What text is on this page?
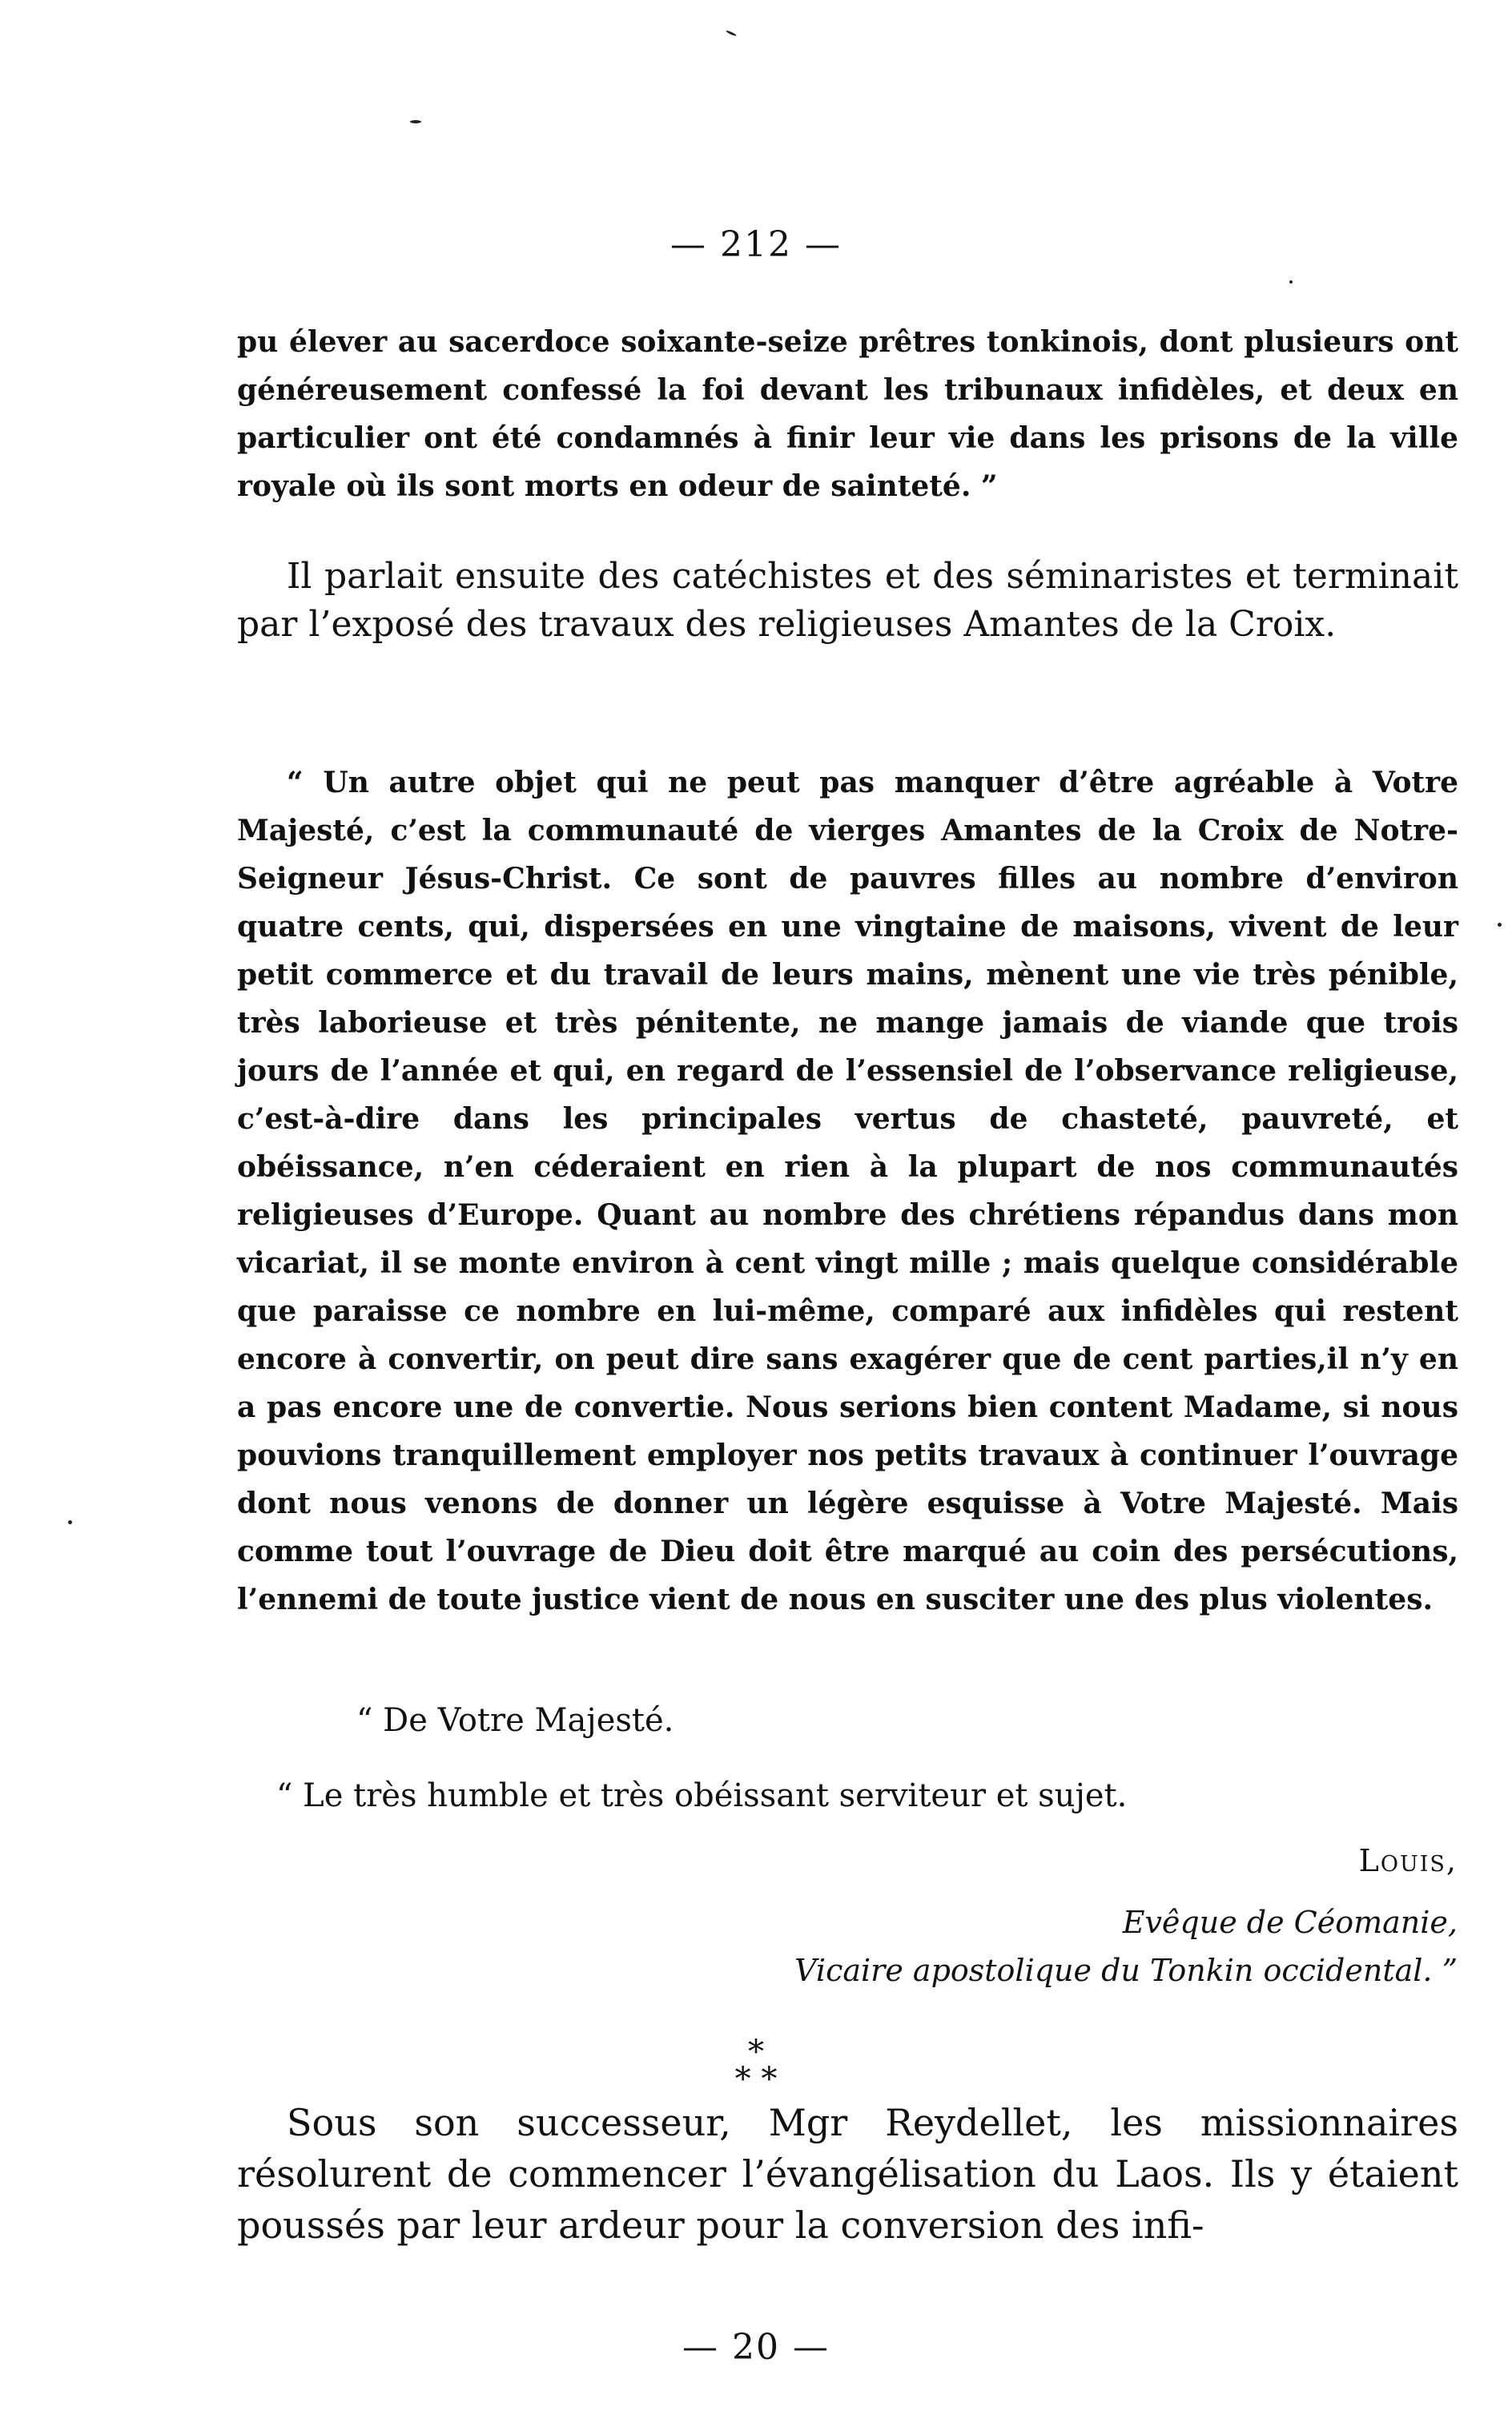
— 212 —

pu élever au sacerdoce soixante-seize prêtres tonkinois, dont plusieurs ont généreusement confessé la foi devant les tribunaux infidèles, et deux en particulier ont été condamnés à finir leur vie dans les prisons de la ville royale où ils sont morts en odeur de sainteté. ”

Il parlait ensuite des catéchistes et des séminaristes et terminait par l’exposé des travaux des religieuses Amantes de la Croix.

“ Un autre objet qui ne peut pas manquer d’être agréable à Votre Majesté, c’est la communauté de vierges Amantes de la Croix de Notre-Seigneur Jésus-Christ. Ce sont de pauvres filles au nombre d’environ quatre cents, qui, dispersées en une vingtaine de maisons, vivent de leur petit commerce et du travail de leurs mains, mènent une vie très pénible, très laborieuse et très pénitente, ne mange jamais de viande que trois jours de l’année et qui, en regard de l’essensiel de l’observance religieuse, c’est-à-dire dans les principales vertus de chasteté, pauvreté, et obéissance, n’en céderaient en rien à la plupart de nos communautés religieuses d’Europe. Quant au nombre des chrétiens répandus dans mon vicariat, il se monte environ à cent vingt mille ; mais quelque considérable que paraisse ce nombre en lui-même, comparé aux infidèles qui restent encore à convertir, on peut dire sans exagérer que de cent parties,il n’y en a pas encore une de convertie. Nous serions bien content Madame, si nous pouvions tranquillement employer nos petits travaux à continuer l’ouvrage dont nous venons de donner un légère esquisse à Votre Majesté. Mais comme tout l’ouvrage de Dieu doit être marqué au coin des persécutions, l’ennemi de toute justice vient de nous en susciter une des plus violentes.

“ De Votre Majesté.
“ Le très humble et très obéissant serviteur et sujet.
Louis,
Evêque de Céomanie,
Vicaire apostolique du Tonkin occidental. ”
*
* *

Sous son successeur, Mgr Reydellet, les missionnaires résolurent de commencer l’évangélisation du Laos. Ils y étaient poussés par leur ardeur pour la conversion des infi-

— 20 —
